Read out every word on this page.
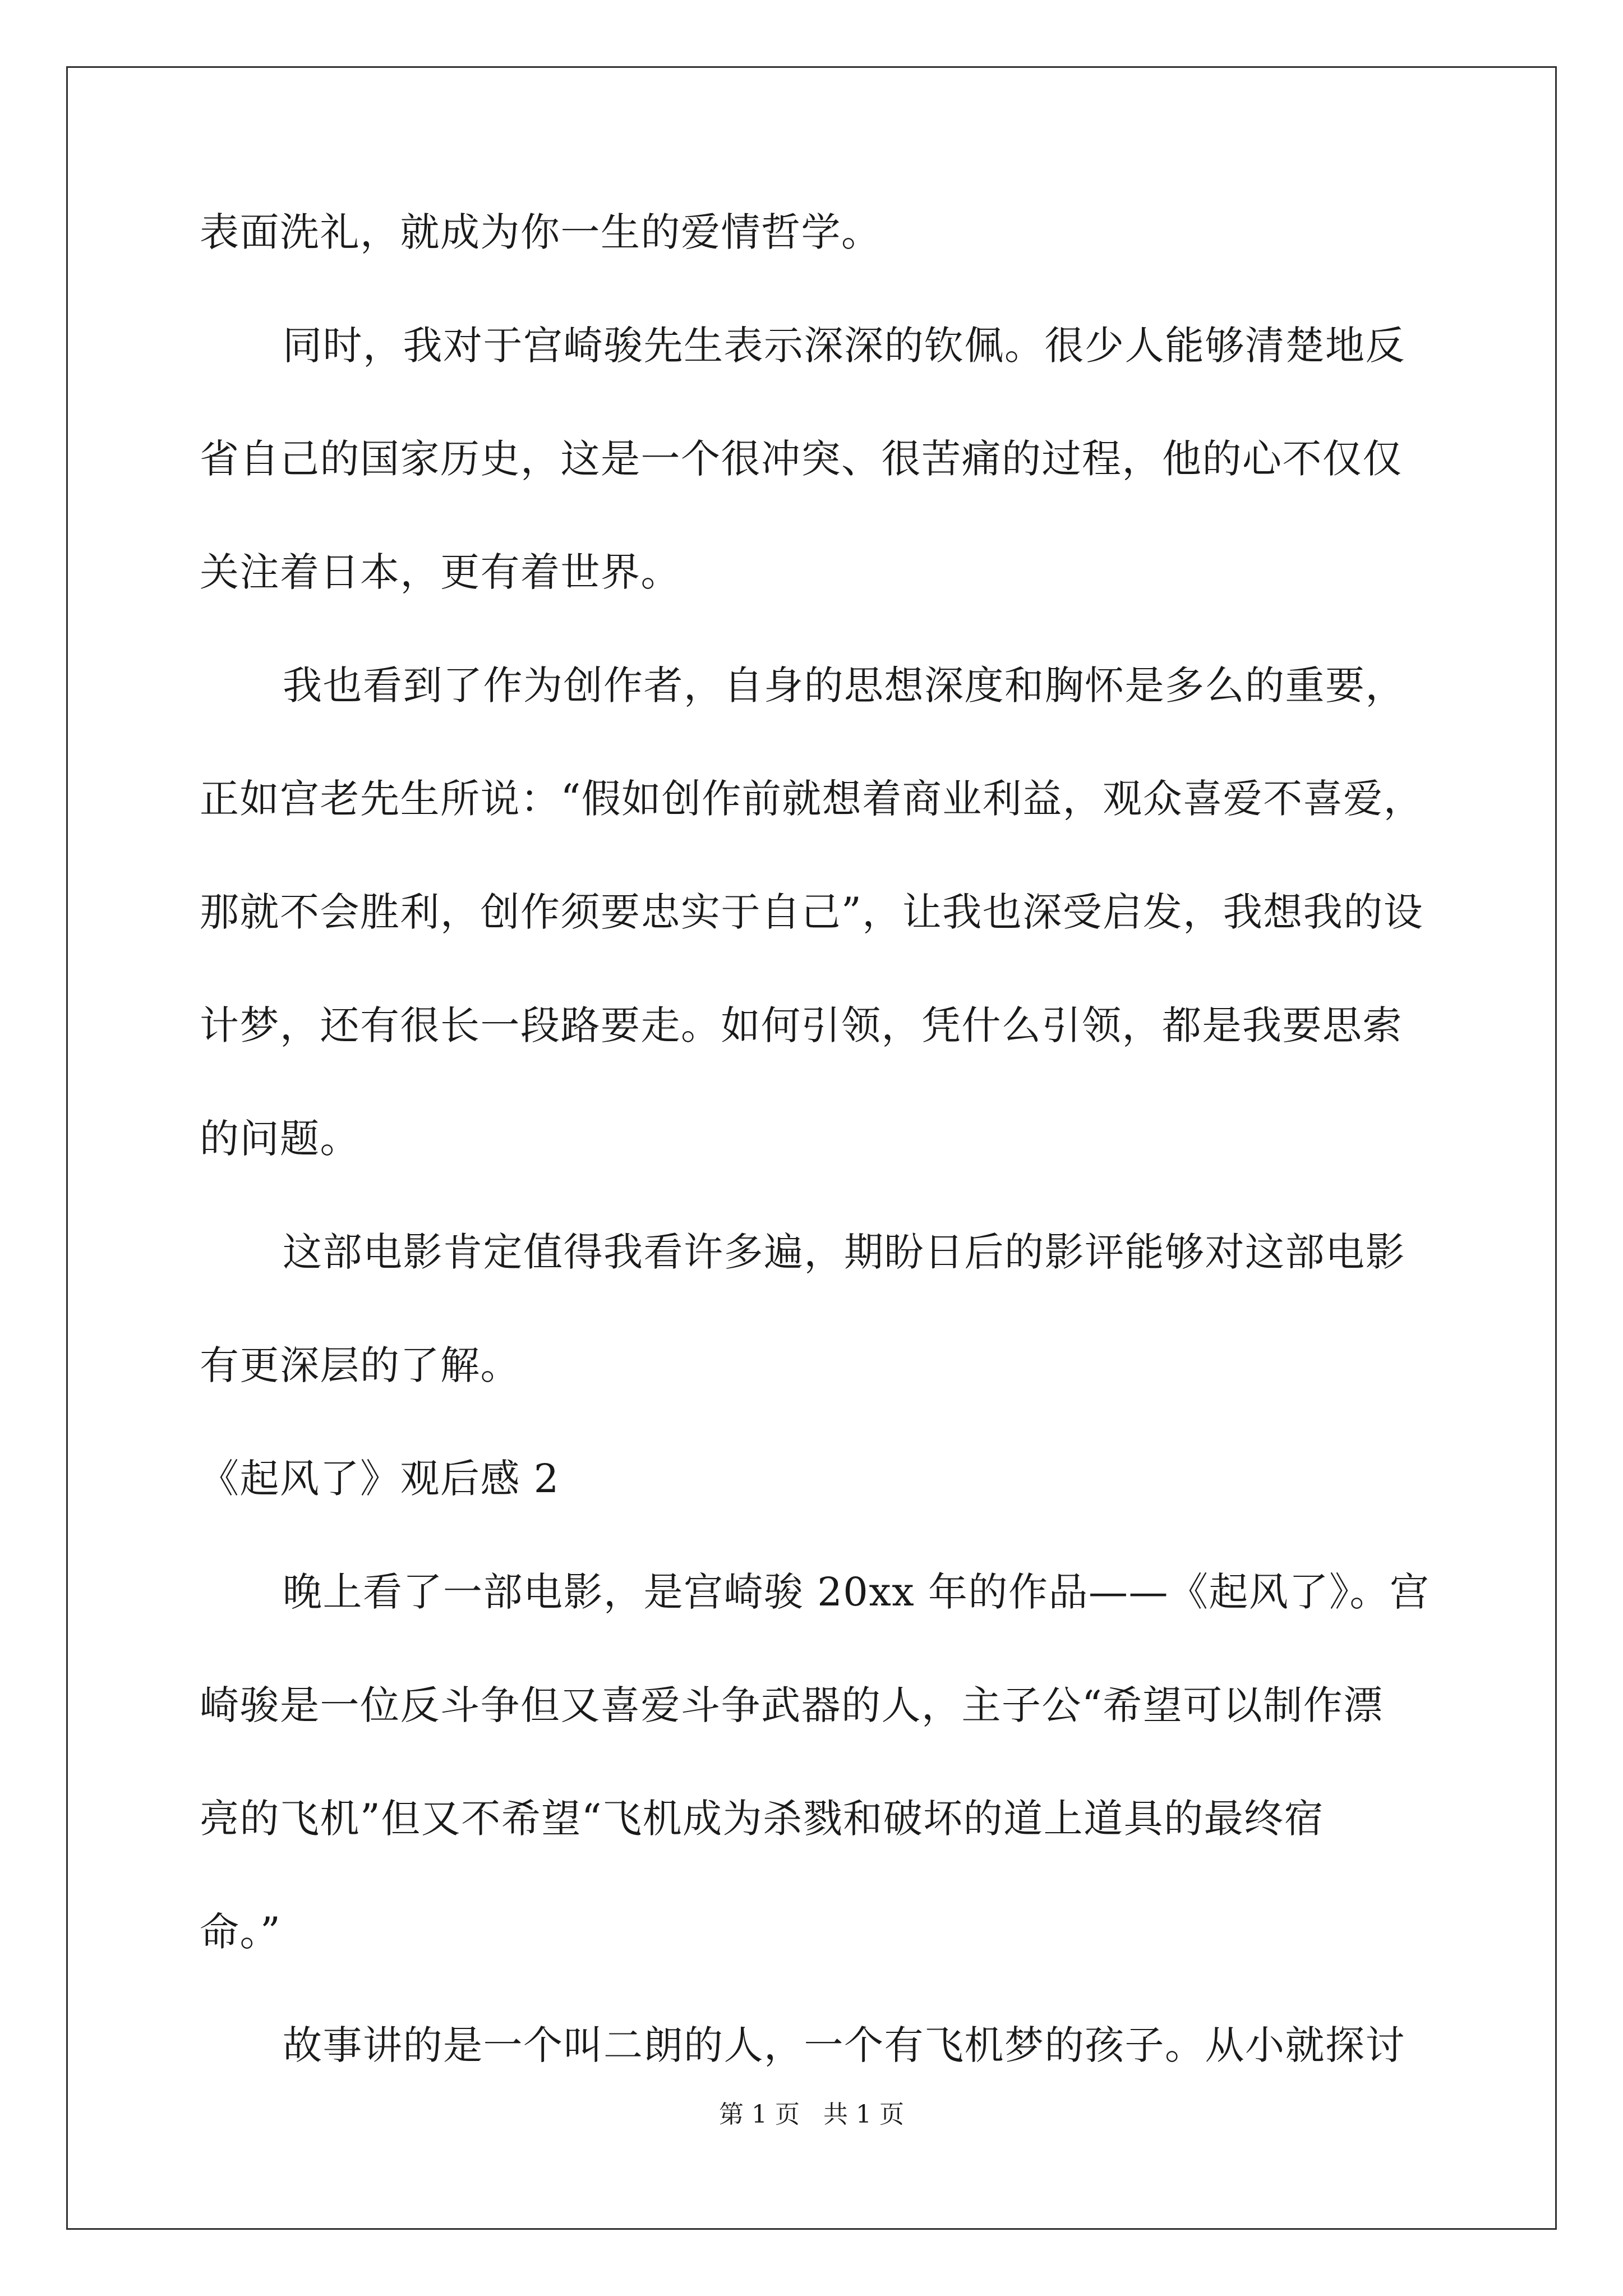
表面洗礼，就成为你一生的爱情哲学。
同时，我对于宫崎骏先生表示深深的钦佩。很少人能够清楚地反
省自己的国家历史，这是一个很冲突、很苦痛的过程，他的心不仅仅
关注着日本，更有着世界。
我也看到了作为创作者，自身的思想深度和胸怀是多么的重要，
正如宫老先生所说：“假如创作前就想着商业利益，观众喜爱不喜爱，
那就不会胜利，创作须要忠实于自己”，让我也深受启发，我想我的设
计梦，还有很长一段路要走。如何引领，凭什么引领，都是我要思索
的问题。
这部电影肯定值得我看许多遍，期盼日后的影评能够对这部电影
有更深层的了解。
《起风了》观后感 2
晚上看了一部电影，是宫崎骏 20xx 年的作品——《起风了》。宫
崎骏是一位反斗争但又喜爱斗争武器的人，主子公“希望可以制作漂
亮的飞机”但又不希望“飞机成为杀戮和破坏的道上道具的最终宿
命。”
故事讲的是一个叫二朗的人，一个有飞机梦的孩子。从小就探讨
第 1 页   共 1 页
